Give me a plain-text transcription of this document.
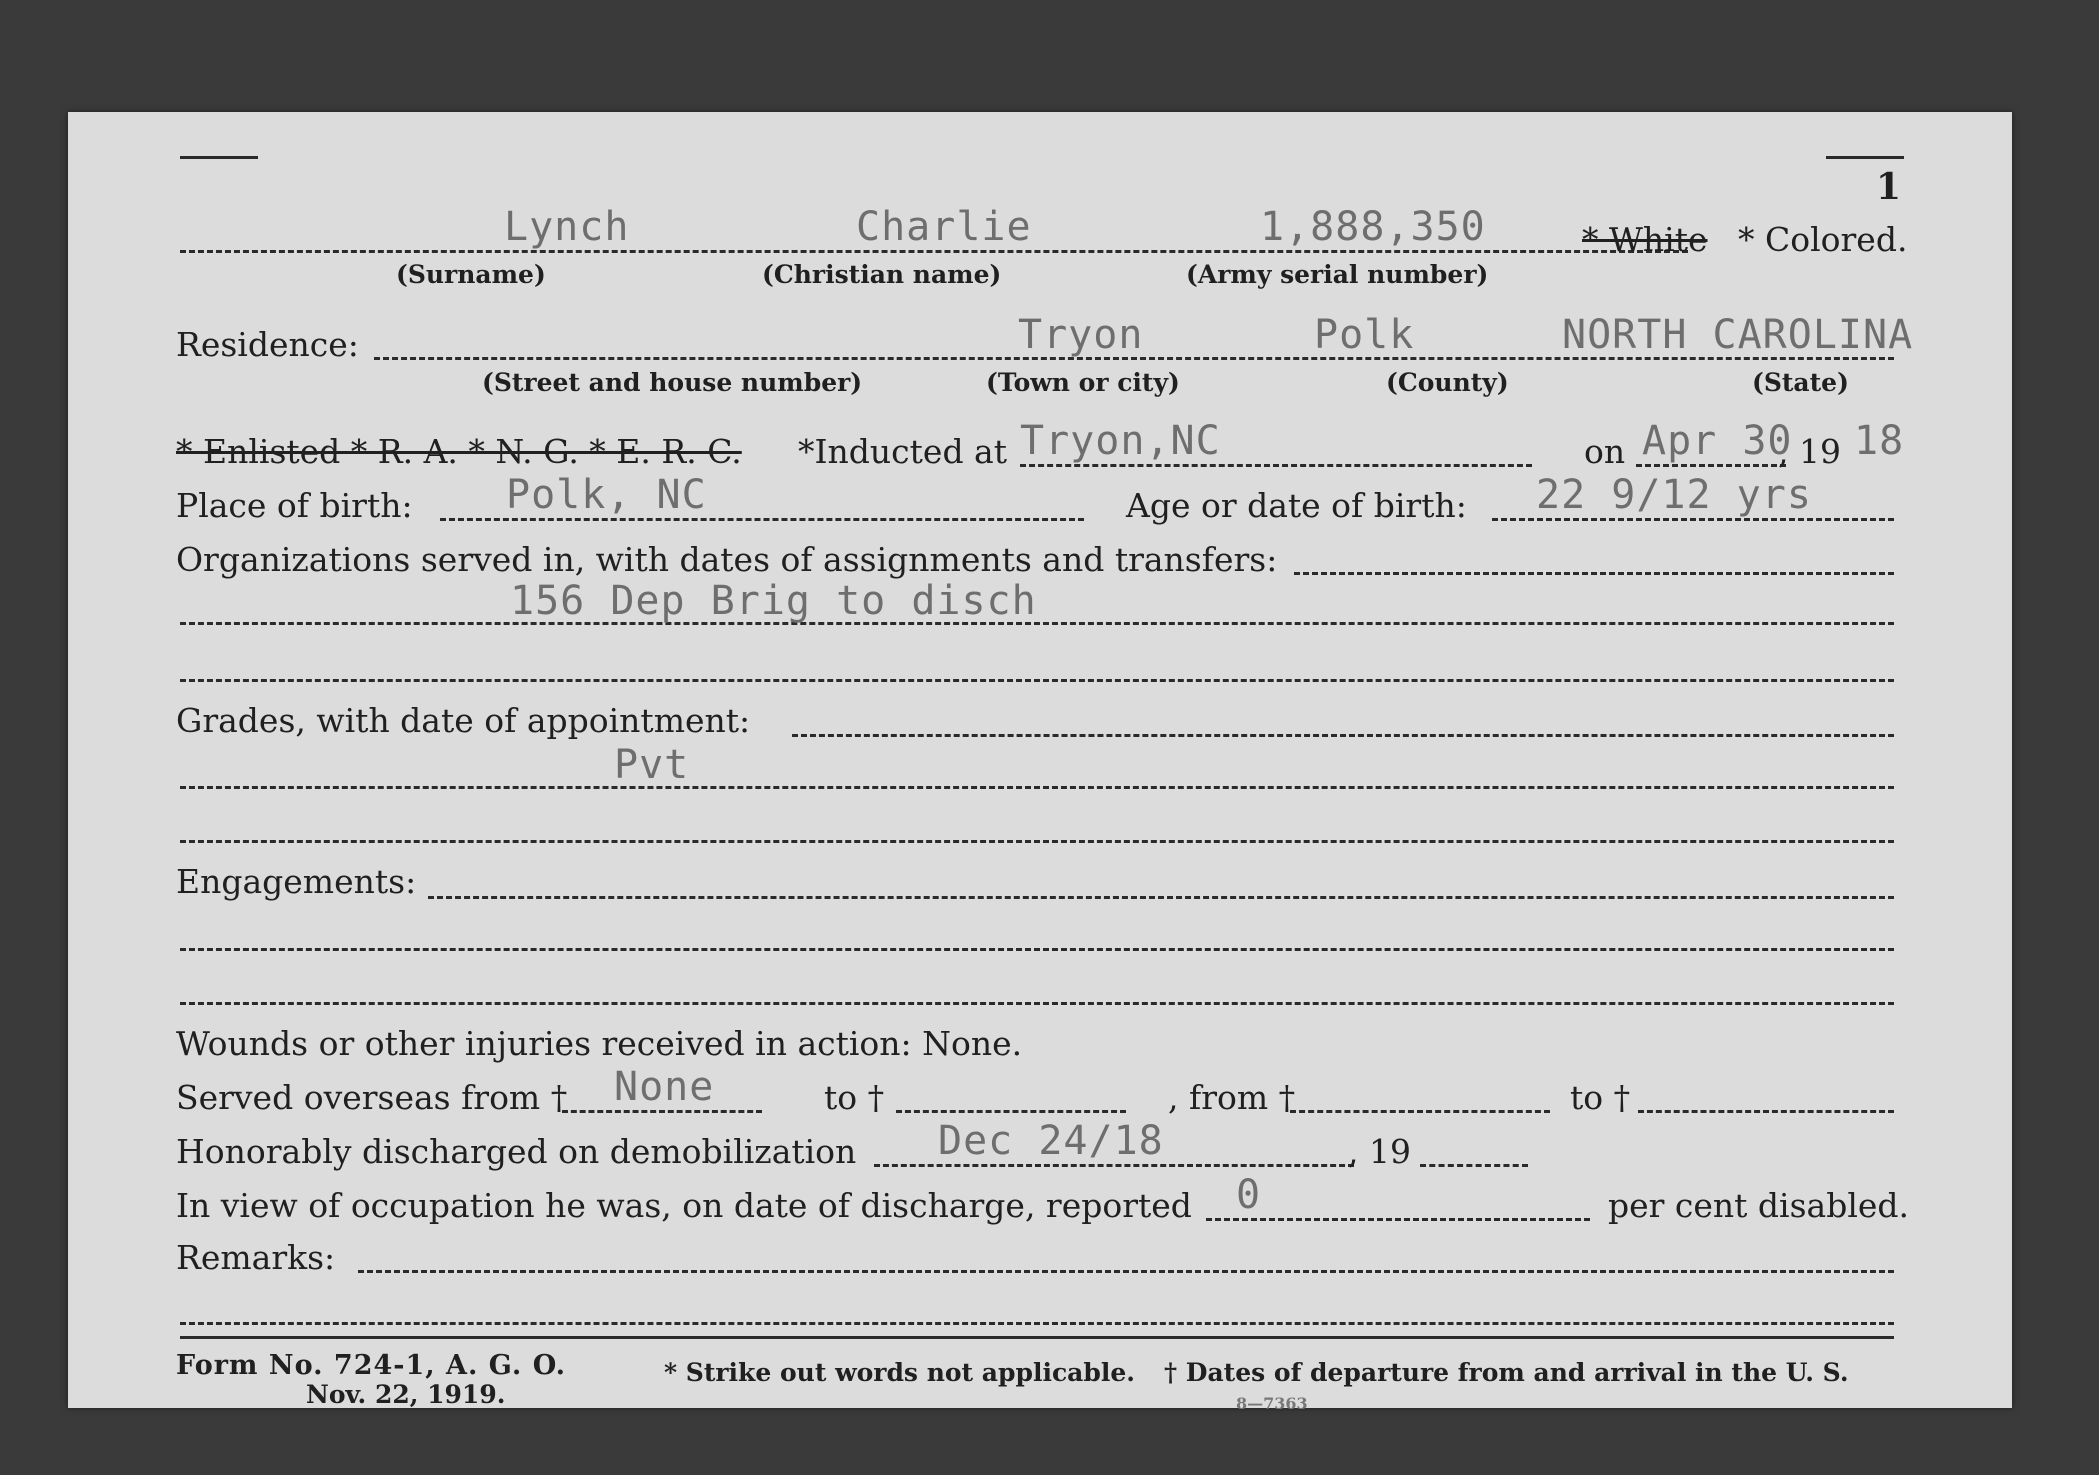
1
Lynch	Charlie	1,888,350	* White * Colored.
(Surname)	(Christian name)	(Army serial number)
Residence:	Tryon	Polk	NORTH CAROLINA
(Street and house number)	(Town or city)	(County)	(State)
* Enlisted * R. A. * N. G. * E. R. C. *Inducted at Tryon,NC	on Apr 30
, 19 18
Place of birth: Polk, NC	Age or date of birth: 22 9/12 yrs
Organizations served in, with dates of assignments and transfers:
156 Dep Brig to disch
Grades, with date of appointment:
Pvt
Engagements:
Wounds or other injuries received in action: None.
Served overseas from † None	to †	, from †	to †
Honorably discharged on demobilization Dec 24/18	, 19
In view of occupation he was, on date of discharge, reported 0	per cent disabled.
Remarks:
Form No. 724-1, A. G. O.
Nov. 22, 1919.
* Strike out words not applicable. † Dates of departure from and arrival in the U. S.
8—7363
